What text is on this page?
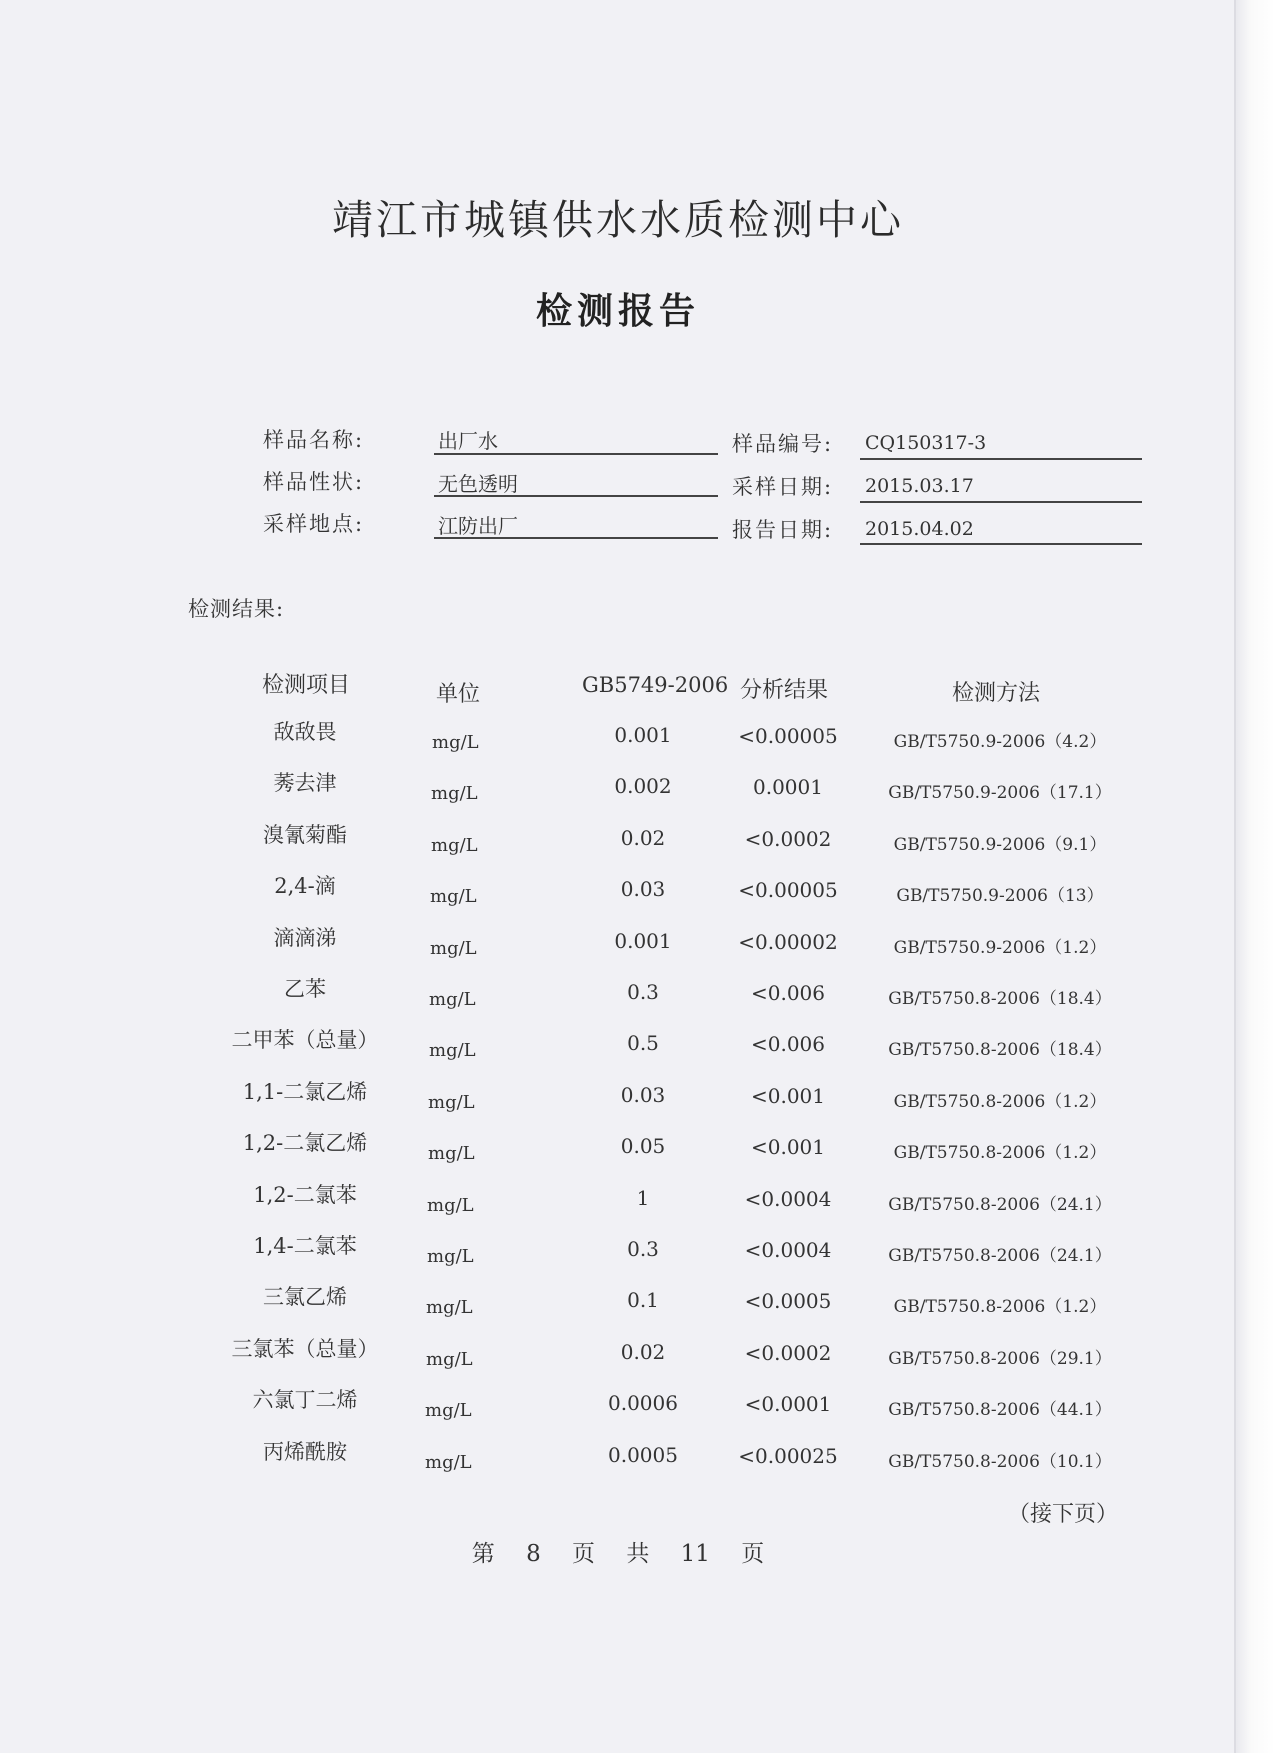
靖江市城镇供水水质检测中心
检测报告
样品名称:	出厂水	样品编号: CQ150317-3
样品性状:	无色透明	采样日期: 2015.03.17
采样地点:	江防出厂	报告日期: 2015.04.02
检测结果:
检测项目	单位	GB5749-2006 分析结果	检测方法
敌敌畏	mg/L	0.001	<0.00005	GB/T5750.9-2006（4.2）
莠去津	mg/L	0.002	0.0001	GB/T5750.9-2006（17.1）
溴氰菊酯	mg/L	0.02	<0.0002	GB/T5750.9-2006（9.1）
2,4-滴	mg/L	0.03	<0.00005	GB/T5750.9-2006（13）
滴滴涕	mg/L	0.001	<0.00002	GB/T5750.9-2006（1.2）
乙苯	mg/L	0.3	<0.006	GB/T5750.8-2006（18.4）
二甲苯（总量）	mg/L	0.5	<0.006	GB/T5750.8-2006（18.4）
1,1-二氯乙烯	mg/L	0.03	<0.001	GB/T5750.8-2006（1.2）
1,2-二氯乙烯	mg/L	0.05	<0.001	GB/T5750.8-2006（1.2）
1,2-二氯苯	mg/L	1	<0.0004	GB/T5750.8-2006（24.1）
1,4-二氯苯	mg/L	0.3	<0.0004	GB/T5750.8-2006（24.1）
三氯乙烯	mg/L	0.1	<0.0005	GB/T5750.8-2006（1.2）
三氯苯（总量）	mg/L	0.02	<0.0002	GB/T5750.8-2006（29.1）
六氯丁二烯	mg/L	0.0006	<0.0001	GB/T5750.8-2006（44.1）
丙烯酰胺	mg/L	0.0005	<0.00025	GB/T5750.8-2006（10.1）
（接下页）
第 8 页 共 11 页
